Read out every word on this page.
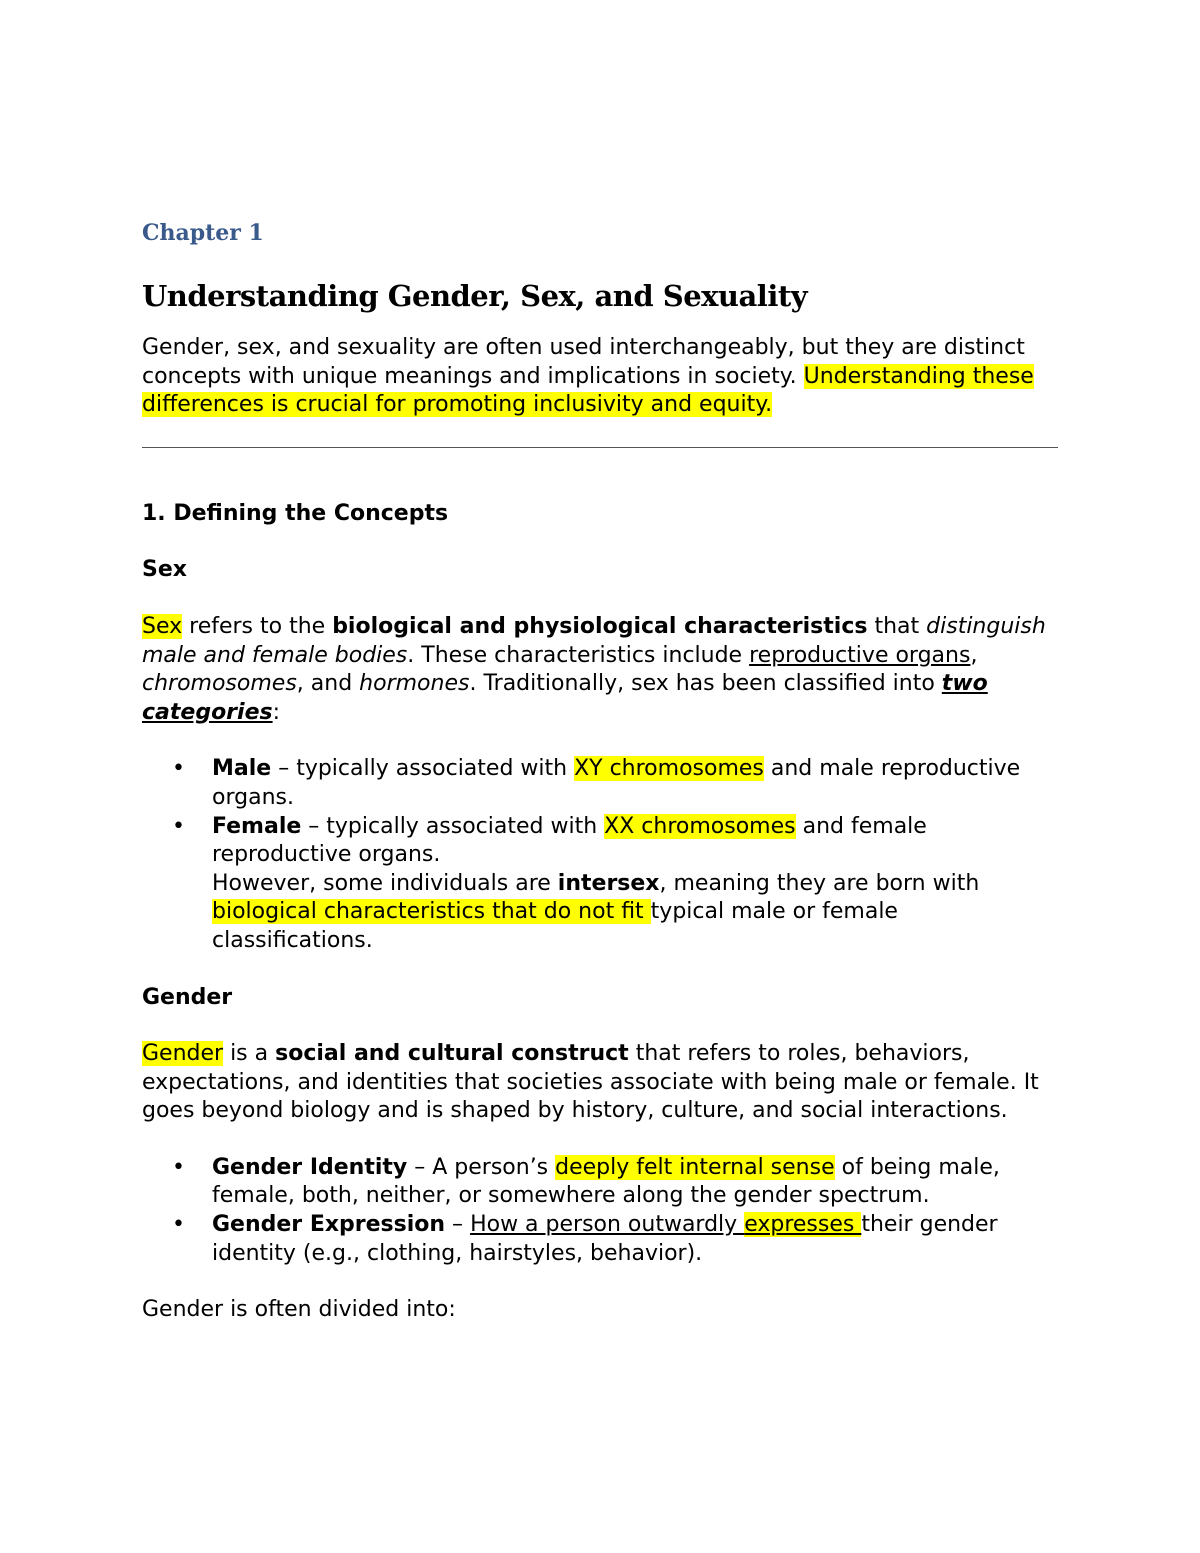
Chapter 1
Understanding Gender, Sex, and Sexuality

Gender, sex, and sexuality are often used interchangeably, but they are distinct concepts with unique meanings and implications in society. Understanding these differences is crucial for promoting inclusivity and equity.

1. Defining the Concepts

Sex

Sex refers to the biological and physiological characteristics that distinguish male and female bodies. These characteristics include reproductive organs, chromosomes, and hormones. Traditionally, sex has been classified into two categories:

• Male – typically associated with XY chromosomes and male reproductive organs.
• Female – typically associated with XX chromosomes and female reproductive organs.
However, some individuals are intersex, meaning they are born with biological characteristics that do not fit typical male or female classifications.

Gender

Gender is a social and cultural construct that refers to roles, behaviors, expectations, and identities that societies associate with being male or female. It goes beyond biology and is shaped by history, culture, and social interactions.

• Gender Identity – A person’s deeply felt internal sense of being male, female, both, neither, or somewhere along the gender spectrum.
• Gender Expression – How a person outwardly expresses their gender identity (e.g., clothing, hairstyles, behavior).

Gender is often divided into:
